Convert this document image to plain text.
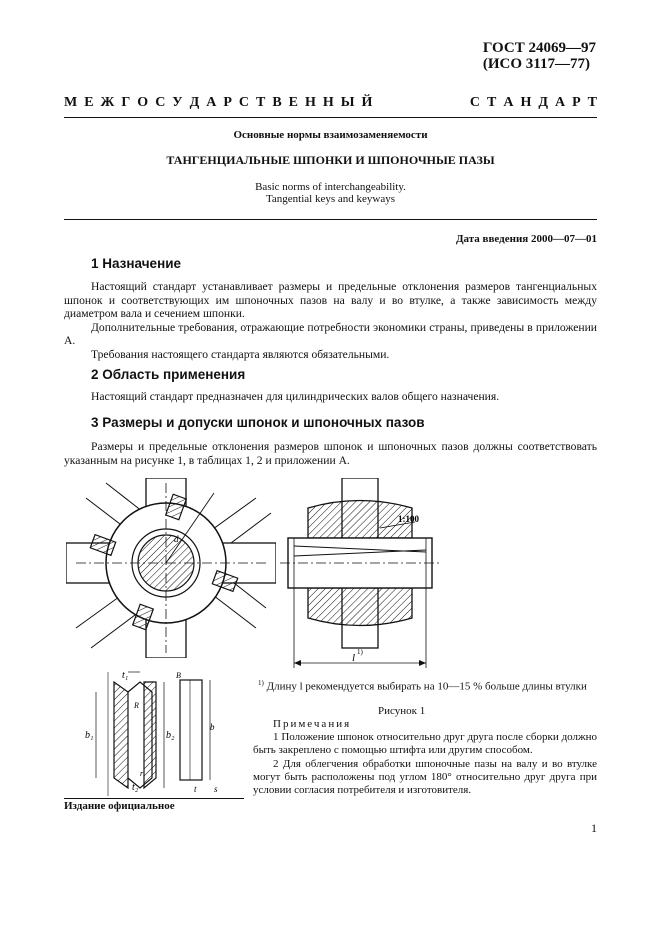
ГОСТ 24069—97
(ИСО 3117—77)
М Е Ж Г О С У Д А Р С Т В Е Н Н Ы Й	С Т А Н Д А Р Т
Основные нормы взаимозаменяемости
ТАНГЕНЦИАЛЬНЫЕ ШПОНКИ И ШПОНОЧНЫЕ ПАЗЫ
Basic norms of interchangeability.
Tangential keys and keyways
Дата введения 2000—07—01
1 Назначение

Настоящий стандарт устанавливает размеры и предельные отклонения размеров тангенциальных шпонок и соответствующих им шпоночных пазов на валу и во втулке, а также зависимость между диаметром вала и сечением шпонки.

Дополнительные требования, отражающие потребности экономики страны, приведены в приложении А.

Требования настоящего стандарта являются обязательными.

2 Область применения

Настоящий стандарт предназначен для цилиндрических валов общего назначения.

3 Размеры и допуски шпонок и шпоночных пазов

Размеры и предельные отклонения размеров шпонок и шпоночных пазов должны соответствовать указанным на рисунке 1, в таблицах 1, 2 и приложении А.

d
1:100
l 1)
t₁
b₁	b₂
t₂
R
r
B
b
t s
$^{1)}$ Длину l рекомендуется выбирать на 10—15 % больше длины втулки
Рисунок 1
Примечания

1 Положение шпонок относительно друг друга после сборки должно быть закреплено с помощью штифта или другим способом.

2 Для облегчения обработки шпоночные пазы на валу и во втулке могут быть расположены под углом 180° относительно друг друга при условии согласия потребителя и изготовителя.

Издание официальное
1
